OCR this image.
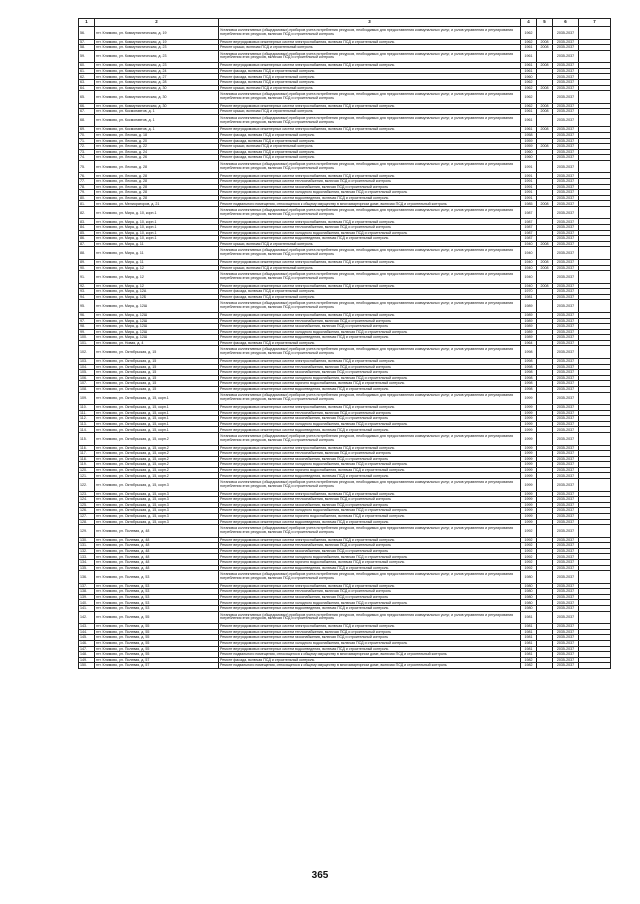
1	2	3	4	5	6	7
56.	пгт. Климово, ул. Коммунистическая, д. 19	Установка коллективных (общедомовых) приборов учета потребления ресурсов, необходимых для предоставления коммунальных услуг, и узлов управления и регулирования потребления этих ресурсов, включая ПСД и строительный контроль	1962		2035-2037	
57.	пгт. Климово, ул. Коммунистическая, д. 19	Ремонт внутридомовых инженерных систем электроснабжения, включая ПСД и строительный контроль	1962	2008	2035-2037	
58.	пгт. Климово, ул. Коммунистическая, д. 23	Ремонт крыши, включая ПСД и строительный контроль	1961	2008	2035-2037	
59.	пгт. Климово, ул. Коммунистическая, д. 23	Установка коллективных (общедомовых) приборов учета потребления ресурсов, необходимых для предоставления коммунальных услуг, и узлов управления и регулирования потребления этих ресурсов, включая ПСД и строительный контроль	1961		2035-2037	
60.	пгт. Климово, ул. Коммунистическая, д. 23	Ремонт внутридомовых инженерных систем электроснабжения, включая ПСД и строительный контроль	1961	2008	2035-2037	
61.	пгт. Климово, ул. Коммунистическая, д. 24	Ремонт фасада, включая ПСД и строительный контроль	1961		2035-2037	
62.	пгт. Климово, ул. Коммунистическая, д. 27	Ремонт фасада, включая ПСД и строительный контроль	1960		2035-2037	
63.	пгт. Климово, ул. Коммунистическая, д. 28	Ремонт фасада, включая ПСД и строительный контроль	1962		2035-2037	
64.	пгт. Климово, ул. Коммунистическая, д. 30	Ремонт крыши, включая ПСД и строительный контроль	1962	2008	2035-2037	
65.	пгт. Климово, ул. Коммунистическая, д. 30	Установка коллективных (общедомовых) приборов учета потребления ресурсов, необходимых для предоставления коммунальных услуг, и узлов управления и регулирования потребления этих ресурсов, включая ПСД и строительный контроль	1962		2035-2037	
66.	пгт. Климово, ул. Коммунистическая, д. 30	Ремонт внутридомовых инженерных систем электроснабжения, включая ПСД и строительный контроль	1962	2008	2035-2037	
67.	пгт. Климово, ул. Космонавтов, д. 1	Ремонт крыши, включая ПСД и строительный контроль	1961	2008	2035-2037	
68.	пгт. Климово, ул. Космонавтов, д. 1	Установка коллективных (общедомовых) приборов учета потребления ресурсов, необходимых для предоставления коммунальных услуг, и узлов управления и регулирования потребления этих ресурсов, включая ПСД и строительный контроль	1961		2035-2037	
69.	пгт. Климово, ул. Космонавтов, д. 1	Ремонт внутридомовых инженерных систем электроснабжения, включая ПСД и строительный контроль	1961	2008	2035-2037	
70.	пгт. Климово, ул. Лесная, д. 18	Ремонт фасада, включая ПСД и строительный контроль	1958		2035-2037	
71.	пгт. Климово, ул. Лесная, д. 20	Ремонт фасада, включая ПСД и строительный контроль	1959		2035-2037	
72.	пгт. Климово, ул. Лесная, д. 22	Ремонт крыши, включая ПСД и строительный контроль	1959	2008	2035-2037	
73.	пгт. Климово, ул. Лесная, д. 24	Ремонт фасада, включая ПСД и строительный контроль	1960		2035-2037	
74.	пгт. Климово, ул. Лесная, д. 26	Ремонт фасада, включая ПСД и строительный контроль	1960		2035-2037	
75.	пгт. Климово, ул. Лесная, д. 28	Установка коллективных (общедомовых) приборов учета потребления ресурсов, необходимых для предоставления коммунальных услуг, и узлов управления и регулирования потребления этих ресурсов, включая ПСД и строительный контроль	1991		2035-2037	
76.	пгт. Климово, ул. Лесная, д. 28	Ремонт внутридомовых инженерных систем электроснабжения, включая ПСД и строительный контроль	1991		2035-2037	
77.	пгт. Климово, ул. Лесная, д. 28	Ремонт внутридомовых инженерных систем теплоснабжения, включая ПСД и строительный контроль	1991		2035-2037	
78.	пгт. Климово, ул. Лесная, д. 28	Ремонт внутридомовых инженерных систем газоснабжения, включая ПСД и строительный контроль	1991		2035-2037	
79.	пгт. Климово, ул. Лесная, д. 28	Ремонт внутридомовых инженерных систем холодного водоснабжения, включая ПСД и строительный контроль	1991		2035-2037	
80.	пгт. Климово, ул. Лесная, д. 28	Ремонт внутридомовых инженерных систем водоотведения, включая ПСД и строительный контроль	1991		2035-2037	
81.	пгт. Климово, ул. Мелиораторов, д. 21	Ремонт подвального помещения, относящегося к общему имуществу в многоквартирном доме, включая ПСД и строительный контроль	1985	2008	2035-2037	
82.	пгт. Климово, ул. Мира, д. 10, корп.1	Установка коллективных (общедомовых) приборов учета потребления ресурсов, необходимых для предоставления коммунальных услуг, и узлов управления и регулирования потребления этих ресурсов, включая ПСД и строительный контроль	1987		2035-2037	
83.	пгт. Климово, ул. Мира, д. 10, корп.1	Ремонт внутридомовых инженерных систем электроснабжения, включая ПСД и строительный контроль	1987		2035-2037	
84.	пгт. Климово, ул. Мира, д. 10, корп.1	Ремонт внутридомовых инженерных систем теплоснабжения, включая ПСД и строительный контроль	1987		2035-2037	
85.	пгт. Климово, ул. Мира, д. 10, корп.1	Ремонт внутридомовых инженерных систем холодного водоснабжения, включая ПСД и строительный контроль	1987		2035-2037	
86.	пгт. Климово, ул. Мира, д. 10, корп.1	Ремонт внутридомовых инженерных систем водоотведения, включая ПСД и строительный контроль	1987		2035-2037	
87.	пгт. Климово, ул. Мира, д. 11	Ремонт крыши, включая ПСД и строительный контроль	1940	2008	2035-2037	
88.	пгт. Климово, ул. Мира, д. 11	Установка коллективных (общедомовых) приборов учета потребления ресурсов, необходимых для предоставления коммунальных услуг, и узлов управления и регулирования потребления этих ресурсов, включая ПСД и строительный контроль	1940		2035-2037	
89.	пгт. Климово, ул. Мира, д. 11	Ремонт внутридомовых инженерных систем электроснабжения, включая ПСД и строительный контроль	1940	2008	2035-2037	
90.	пгт. Климово, ул. Мира, д. 12	Ремонт крыши, включая ПСД и строительный контроль	1940	2008	2035-2037	
91.	пгт. Климово, ул. Мира, д. 12	Установка коллективных (общедомовых) приборов учета потребления ресурсов, необходимых для предоставления коммунальных услуг, и узлов управления и регулирования потребления этих ресурсов, включая ПСД и строительный контроль	1940		2035-2037	
92.	пгт. Климово, ул. Мира, д. 12	Ремонт внутридомовых инженерных систем электроснабжения, включая ПСД и строительный контроль	1940	2008	2035-2037	
93.	пгт. Климово, ул. Мира, д. 12А	Ремонт фасада, включая ПСД и строительный контроль	1970		2035-2037	
94.	пгт. Климово, ул. Мира, д. 12Б	Ремонт фасада, включая ПСД и строительный контроль	1981		2035-2037	
95.	пгт. Климово, ул. Мира, д. 12Ш	Установка коллективных (общедомовых) приборов учета потребления ресурсов, необходимых для предоставления коммунальных услуг, и узлов управления и регулирования потребления этих ресурсов, включая ПСД и строительный контроль	1989		2035-2037	
96.	пгт. Климово, ул. Мира, д. 12Ш	Ремонт внутридомовых инженерных систем электроснабжения, включая ПСД и строительный контроль	1989		2035-2037	
97.	пгт. Климово, ул. Мира, д. 12Ш	Ремонт внутридомовых инженерных систем теплоснабжения, включая ПСД и строительный контроль	1989		2035-2037	
98.	пгт. Климово, ул. Мира, д. 12Ш	Ремонт внутридомовых инженерных систем газоснабжения, включая ПСД и строительный контроль	1989		2035-2037	
99.	пгт. Климово, ул. Мира, д. 12Ш	Ремонт внутридомовых инженерных систем холодного водоснабжения, включая ПСД и строительный контроль	1989		2035-2037	
100.	пгт. Климово, ул. Мира, д. 12Ш	Ремонт внутридомовых инженерных систем водоотведения, включая ПСД и строительный контроль	1989		2035-2037	
101.	пгт. Климово, ул. Новая, д. 4	Ремонт фасада, включая ПСД и строительный контроль	1964		2035-2037	
102.	пгт. Климово, ул. Октябрьская, д. 15	Установка коллективных (общедомовых) приборов учета потребления ресурсов, необходимых для предоставления коммунальных услуг, и узлов управления и регулирования потребления этих ресурсов, включая ПСД и строительный контроль	1998		2035-2037	
103.	пгт. Климово, ул. Октябрьская, д. 15	Ремонт внутридомовых инженерных систем электроснабжения, включая ПСД и строительный контроль	1998		2035-2037	
104.	пгт. Климово, ул. Октябрьская, д. 15	Ремонт внутридомовых инженерных систем теплоснабжения, включая ПСД и строительный контроль	1998		2035-2037	
105.	пгт. Климово, ул. Октябрьская, д. 15	Ремонт внутридомовых инженерных систем газоснабжения, включая ПСД и строительный контроль	1998		2035-2037	
106.	пгт. Климово, ул. Октябрьская, д. 15	Ремонт внутридомовых инженерных систем холодного водоснабжения, включая ПСД и строительный контроль	1998		2035-2037	
107.	пгт. Климово, ул. Октябрьская, д. 15	Ремонт внутридомовых инженерных систем горячего водоснабжения, включая ПСД и строительный контроль	1998		2035-2037	
108.	пгт. Климово, ул. Октябрьская, д. 15	Ремонт внутридомовых инженерных систем водоотведения, включая ПСД и строительный контроль	1998		2035-2037	
109.	пгт. Климово, ул. Октябрьская, д. 15, корп.1	Установка коллективных (общедомовых) приборов учета потребления ресурсов, необходимых для предоставления коммунальных услуг, и узлов управления и регулирования потребления этих ресурсов, включая ПСД и строительный контроль	1999		2035-2037	
110.	пгт. Климово, ул. Октябрьская, д. 15, корп.1	Ремонт внутридомовых инженерных систем электроснабжения, включая ПСД и строительный контроль	1999		2035-2037	
111.	пгт. Климово, ул. Октябрьская, д. 15, корп.1	Ремонт внутридомовых инженерных систем теплоснабжения, включая ПСД и строительный контроль	1999		2035-2037	
112.	пгт. Климово, ул. Октябрьская, д. 15, корп.1	Ремонт внутридомовых инженерных систем газоснабжения, включая ПСД и строительный контроль	1999		2035-2037	
113.	пгт. Климово, ул. Октябрьская, д. 15, корп.1	Ремонт внутридомовых инженерных систем холодного водоснабжения, включая ПСД и строительный контроль	1999		2035-2037	
114.	пгт. Климово, ул. Октябрьская, д. 15, корп.1	Ремонт внутридомовых инженерных систем водоотведения, включая ПСД и строительный контроль	1999		2035-2037	
115.	пгт. Климово, ул. Октябрьская, д. 15, корп.2	Установка коллективных (общедомовых) приборов учета потребления ресурсов, необходимых для предоставления коммунальных услуг, и узлов управления и регулирования потребления этих ресурсов, включая ПСД и строительный контроль	1999		2035-2037	
116.	пгт. Климово, ул. Октябрьская, д. 15, корп.2	Ремонт внутридомовых инженерных систем электроснабжения, включая ПСД и строительный контроль	1999		2035-2037	
117.	пгт. Климово, ул. Октябрьская, д. 15, корп.2	Ремонт внутридомовых инженерных систем теплоснабжения, включая ПСД и строительный контроль	1999		2035-2037	
118.	пгт. Климово, ул. Октябрьская, д. 15, корп.2	Ремонт внутридомовых инженерных систем газоснабжения, включая ПСД и строительный контроль	1999		2035-2037	
119.	пгт. Климово, ул. Октябрьская, д. 15, корп.2	Ремонт внутридомовых инженерных систем холодного водоснабжения, включая ПСД и строительный контроль	1999		2035-2037	
120.	пгт. Климово, ул. Октябрьская, д. 15, корп.2	Ремонт внутридомовых инженерных систем горячего водоснабжения, включая ПСД и строительный контроль	1999		2035-2037	
121.	пгт. Климово, ул. Октябрьская, д. 15, корп.2	Ремонт внутридомовых инженерных систем водоотведения, включая ПСД и строительный контроль	1999		2035-2037	
122.	пгт. Климово, ул. Октябрьская, д. 15, корп.3	Установка коллективных (общедомовых) приборов учета потребления ресурсов, необходимых для предоставления коммунальных услуг, и узлов управления и регулирования потребления этих ресурсов, включая ПСД и строительный контроль	1999		2035-2037	
123.	пгт. Климово, ул. Октябрьская, д. 15, корп.3	Ремонт внутридомовых инженерных систем электроснабжения, включая ПСД и строительный контроль	1999		2035-2037	
124.	пгт. Климово, ул. Октябрьская, д. 15, корп.3	Ремонт внутридомовых инженерных систем теплоснабжения, включая ПСД и строительный контроль	1999		2035-2037	
125.	пгт. Климово, ул. Октябрьская, д. 15, корп.3	Ремонт внутридомовых инженерных систем газоснабжения, включая ПСД и строительный контроль	1999		2035-2037	
126.	пгт. Климово, ул. Октябрьская, д. 15, корп.3	Ремонт внутридомовых инженерных систем холодного водоснабжения, включая ПСД и строительный контроль	1999		2035-2037	
127.	пгт. Климово, ул. Октябрьская, д. 15, корп.3	Ремонт внутридомовых инженерных систем горячего водоснабжения, включая ПСД и строительный контроль	1999		2035-2037	
128.	пгт. Климово, ул. Октябрьская, д. 15, корп.3	Ремонт внутридомовых инженерных систем водоотведения, включая ПСД и строительный контроль	1999		2035-2037	
129.	пгт. Климово, ул. Полевая, д. 48	Установка коллективных (общедомовых) приборов учета потребления ресурсов, необходимых для предоставления коммунальных услуг, и узлов управления и регулирования потребления этих ресурсов, включая ПСД и строительный контроль	1992		2035-2037	
130.	пгт. Климово, ул. Полевая, д. 48	Ремонт внутридомовых инженерных систем электроснабжения, включая ПСД и строительный контроль	1992		2035-2037	
131.	пгт. Климово, ул. Полевая, д. 48	Ремонт внутридомовых инженерных систем теплоснабжения, включая ПСД и строительный контроль	1992		2035-2037	
132.	пгт. Климово, ул. Полевая, д. 48	Ремонт внутридомовых инженерных систем газоснабжения, включая ПСД и строительный контроль	1992		2035-2037	
133.	пгт. Климово, ул. Полевая, д. 48	Ремонт внутридомовых инженерных систем холодного водоснабжения, включая ПСД и строительный контроль	1992		2035-2037	
134.	пгт. Климово, ул. Полевая, д. 48	Ремонт внутридомовых инженерных систем горячего водоснабжения, включая ПСД и строительный контроль	1992		2035-2037	
135.	пгт. Климово, ул. Полевая, д. 48	Ремонт внутридомовых инженерных систем водоотведения, включая ПСД и строительный контроль	1992		2035-2037	
136.	пгт. Климово, ул. Полевая, д. 53	Установка коллективных (общедомовых) приборов учета потребления ресурсов, необходимых для предоставления коммунальных услуг, и узлов управления и регулирования потребления этих ресурсов, включая ПСД и строительный контроль	1980		2035-2037	
137.	пгт. Климово, ул. Полевая, д. 53	Ремонт внутридомовых инженерных систем электроснабжения, включая ПСД и строительный контроль	1980		2035-2037	
138.	пгт. Климово, ул. Полевая, д. 53	Ремонт внутридомовых инженерных систем теплоснабжения, включая ПСД и строительный контроль	1980		2035-2037	
139.	пгт. Климово, ул. Полевая, д. 53	Ремонт внутридомовых инженерных систем газоснабжения, включая ПСД и строительный контроль	1980		2035-2037	
140.	пгт. Климово, ул. Полевая, д. 53	Ремонт внутридомовых инженерных систем холодного водоснабжения, включая ПСД и строительный контроль	1980		2035-2037	
141.	пгт. Климово, ул. Полевая, д. 53	Ремонт внутридомовых инженерных систем водоотведения, включая ПСД и строительный контроль	1980		2035-2037	
142.	пгт. Климово, ул. Полевая, д. 55	Установка коллективных (общедомовых) приборов учета потребления ресурсов, необходимых для предоставления коммунальных услуг, и узлов управления и регулирования потребления этих ресурсов, включая ПСД и строительный контроль	1981		2035-2037	
143.	пгт. Климово, ул. Полевая, д. 55	Ремонт внутридомовых инженерных систем электроснабжения, включая ПСД и строительный контроль	1981		2035-2037	
144.	пгт. Климово, ул. Полевая, д. 55	Ремонт внутридомовых инженерных систем теплоснабжения, включая ПСД и строительный контроль	1981		2035-2037	
145.	пгт. Климово, ул. Полевая, д. 55	Ремонт внутридомовых инженерных систем газоснабжения, включая ПСД и строительный контроль	1981		2035-2037	
146.	пгт. Климово, ул. Полевая, д. 55	Ремонт внутридомовых инженерных систем холодного водоснабжения, включая ПСД и строительный контроль	1981		2035-2037	
147.	пгт. Климово, ул. Полевая, д. 55	Ремонт внутридомовых инженерных систем водоотведения, включая ПСД и строительный контроль	1981		2035-2037	
148.	пгт. Климово, ул. Полевая, д. 55	Ремонт подвального помещения, относящегося к общему имуществу в многоквартирном доме, включая ПСД и строительный контроль	1981		2035-2037	
149.	пгт. Климово, ул. Полевая, д. 57	Ремонт фасада, включая ПСД и строительный контроль	1982		2035-2037	
150.	пгт. Климово, ул. Полевая, д. 57	Ремонт подвального помещения, относящегося к общему имуществу в многоквартирном доме, включая ПСД и строительный контроль	1982		2035-2037	
365
